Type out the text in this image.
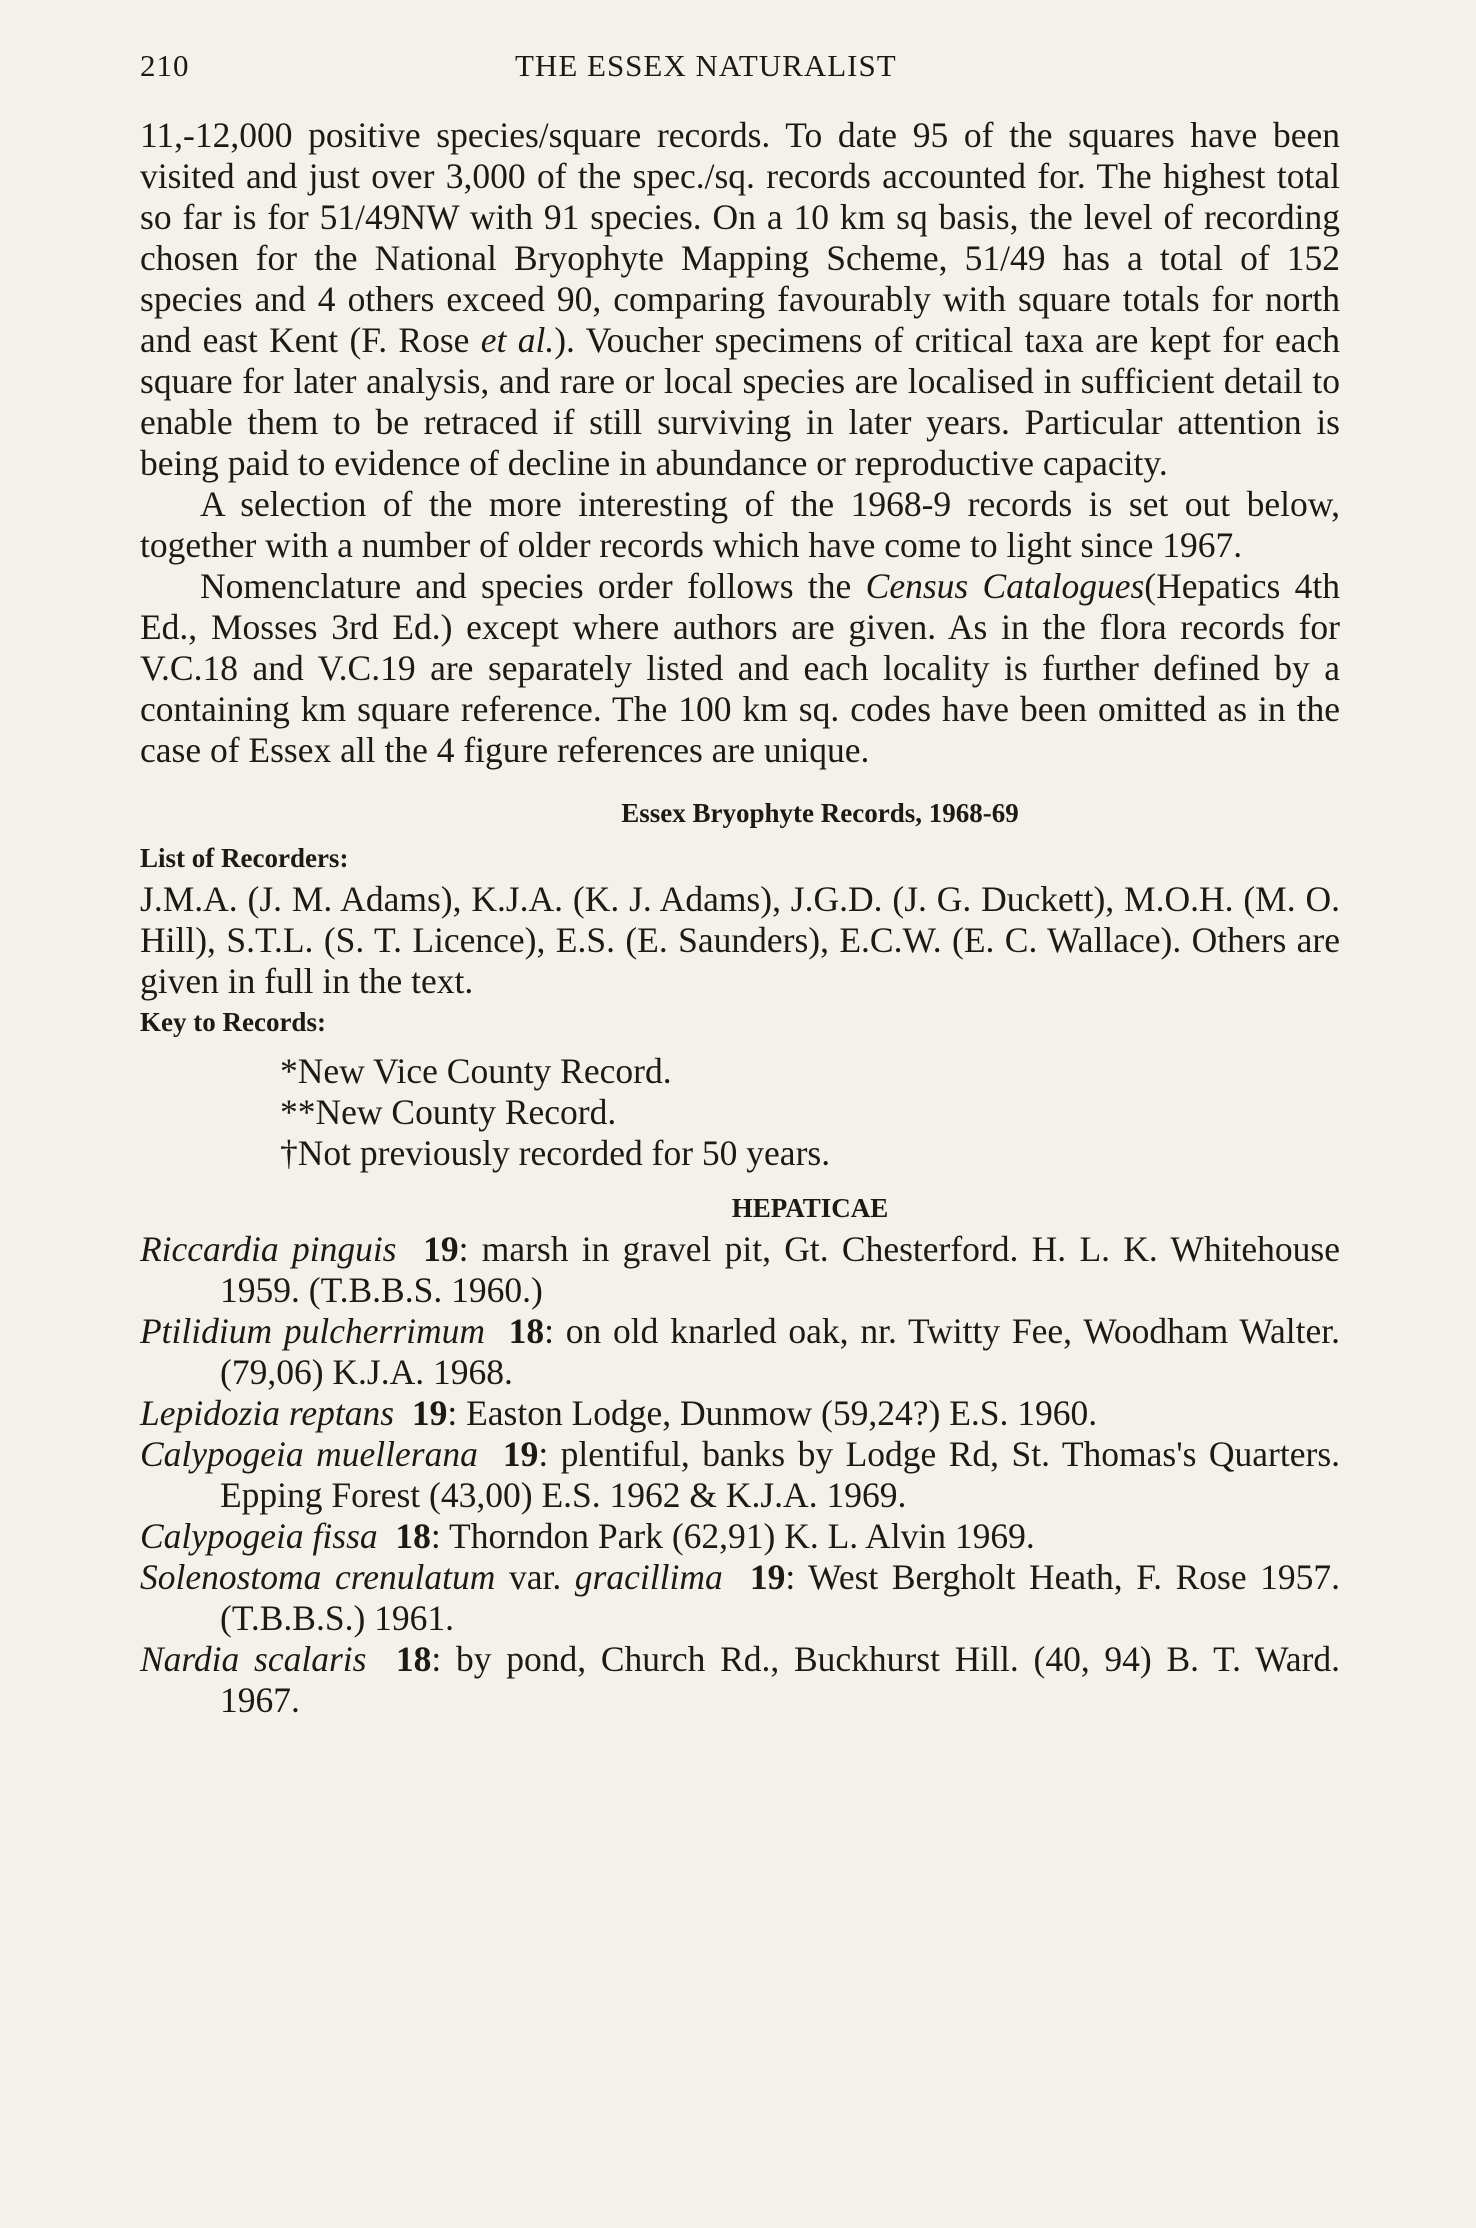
210	THE ESSEX NATURALIST

11,-12,000 positive species/square records. To date 95 of the squares have been visited and just over 3,000 of the spec./sq. records accounted for. The highest total so far is for 51/49NW with 91 species. On a 10 km sq basis, the level of recording chosen for the National Bryophyte Mapping Scheme, 51/49 has a total of 152 species and 4 others exceed 90, comparing favourably with square totals for north and east Kent (F. Rose et al.). Voucher specimens of critical taxa are kept for each square for later analysis, and rare or local species are localised in sufficient detail to enable them to be retraced if still surviving in later years. Particular attention is being paid to evidence of decline in abundance or reproductive capacity.

A selection of the more interesting of the 1968-9 records is set out below, together with a number of older records which have come to light since 1967.

Nomenclature and species order follows the Census Catalogues(Hepatics 4th Ed., Mosses 3rd Ed.) except where authors are given. As in the flora records for V.C.18 and V.C.19 are separately listed and each locality is further defined by a containing km square reference. The 100 km sq. codes have been omitted as in the case of Essex all the 4 figure references are unique.

Essex Bryophyte Records, 1968-69

List of Recorders:

J.M.A. (J. M. Adams), K.J.A. (K. J. Adams), J.G.D. (J. G. Duckett), M.O.H. (M. O. Hill), S.T.L. (S. T. Licence), E.S. (E. Saunders), E.C.W. (E. C. Wallace). Others are given in full in the text.

Key to Records:

*New Vice County Record.
**New County Record.
†Not previously recorded for 50 years.
HEPATICAE

Riccardia pinguis 19: marsh in gravel pit, Gt. Chesterford. H. L. K. Whitehouse 1959. (T.B.B.S. 1960.)

Ptilidium pulcherrimum 18: on old knarled oak, nr. Twitty Fee, Woodham Walter. (79,06) K.J.A. 1968.

Lepidozia reptans 19: Easton Lodge, Dunmow (59,24?) E.S. 1960.

Calypogeia muellerana 19: plentiful, banks by Lodge Rd, St. Thomas's Quarters. Epping Forest (43,00) E.S. 1962 & K.J.A. 1969.

Calypogeia fissa 18: Thorndon Park (62,91) K. L. Alvin 1969.

Solenostoma crenulatum var. gracillima 19: West Bergholt Heath, F. Rose 1957. (T.B.B.S.) 1961.

Nardia scalaris 18: by pond, Church Rd., Buckhurst Hill. (40, 94) B. T. Ward. 1967.
